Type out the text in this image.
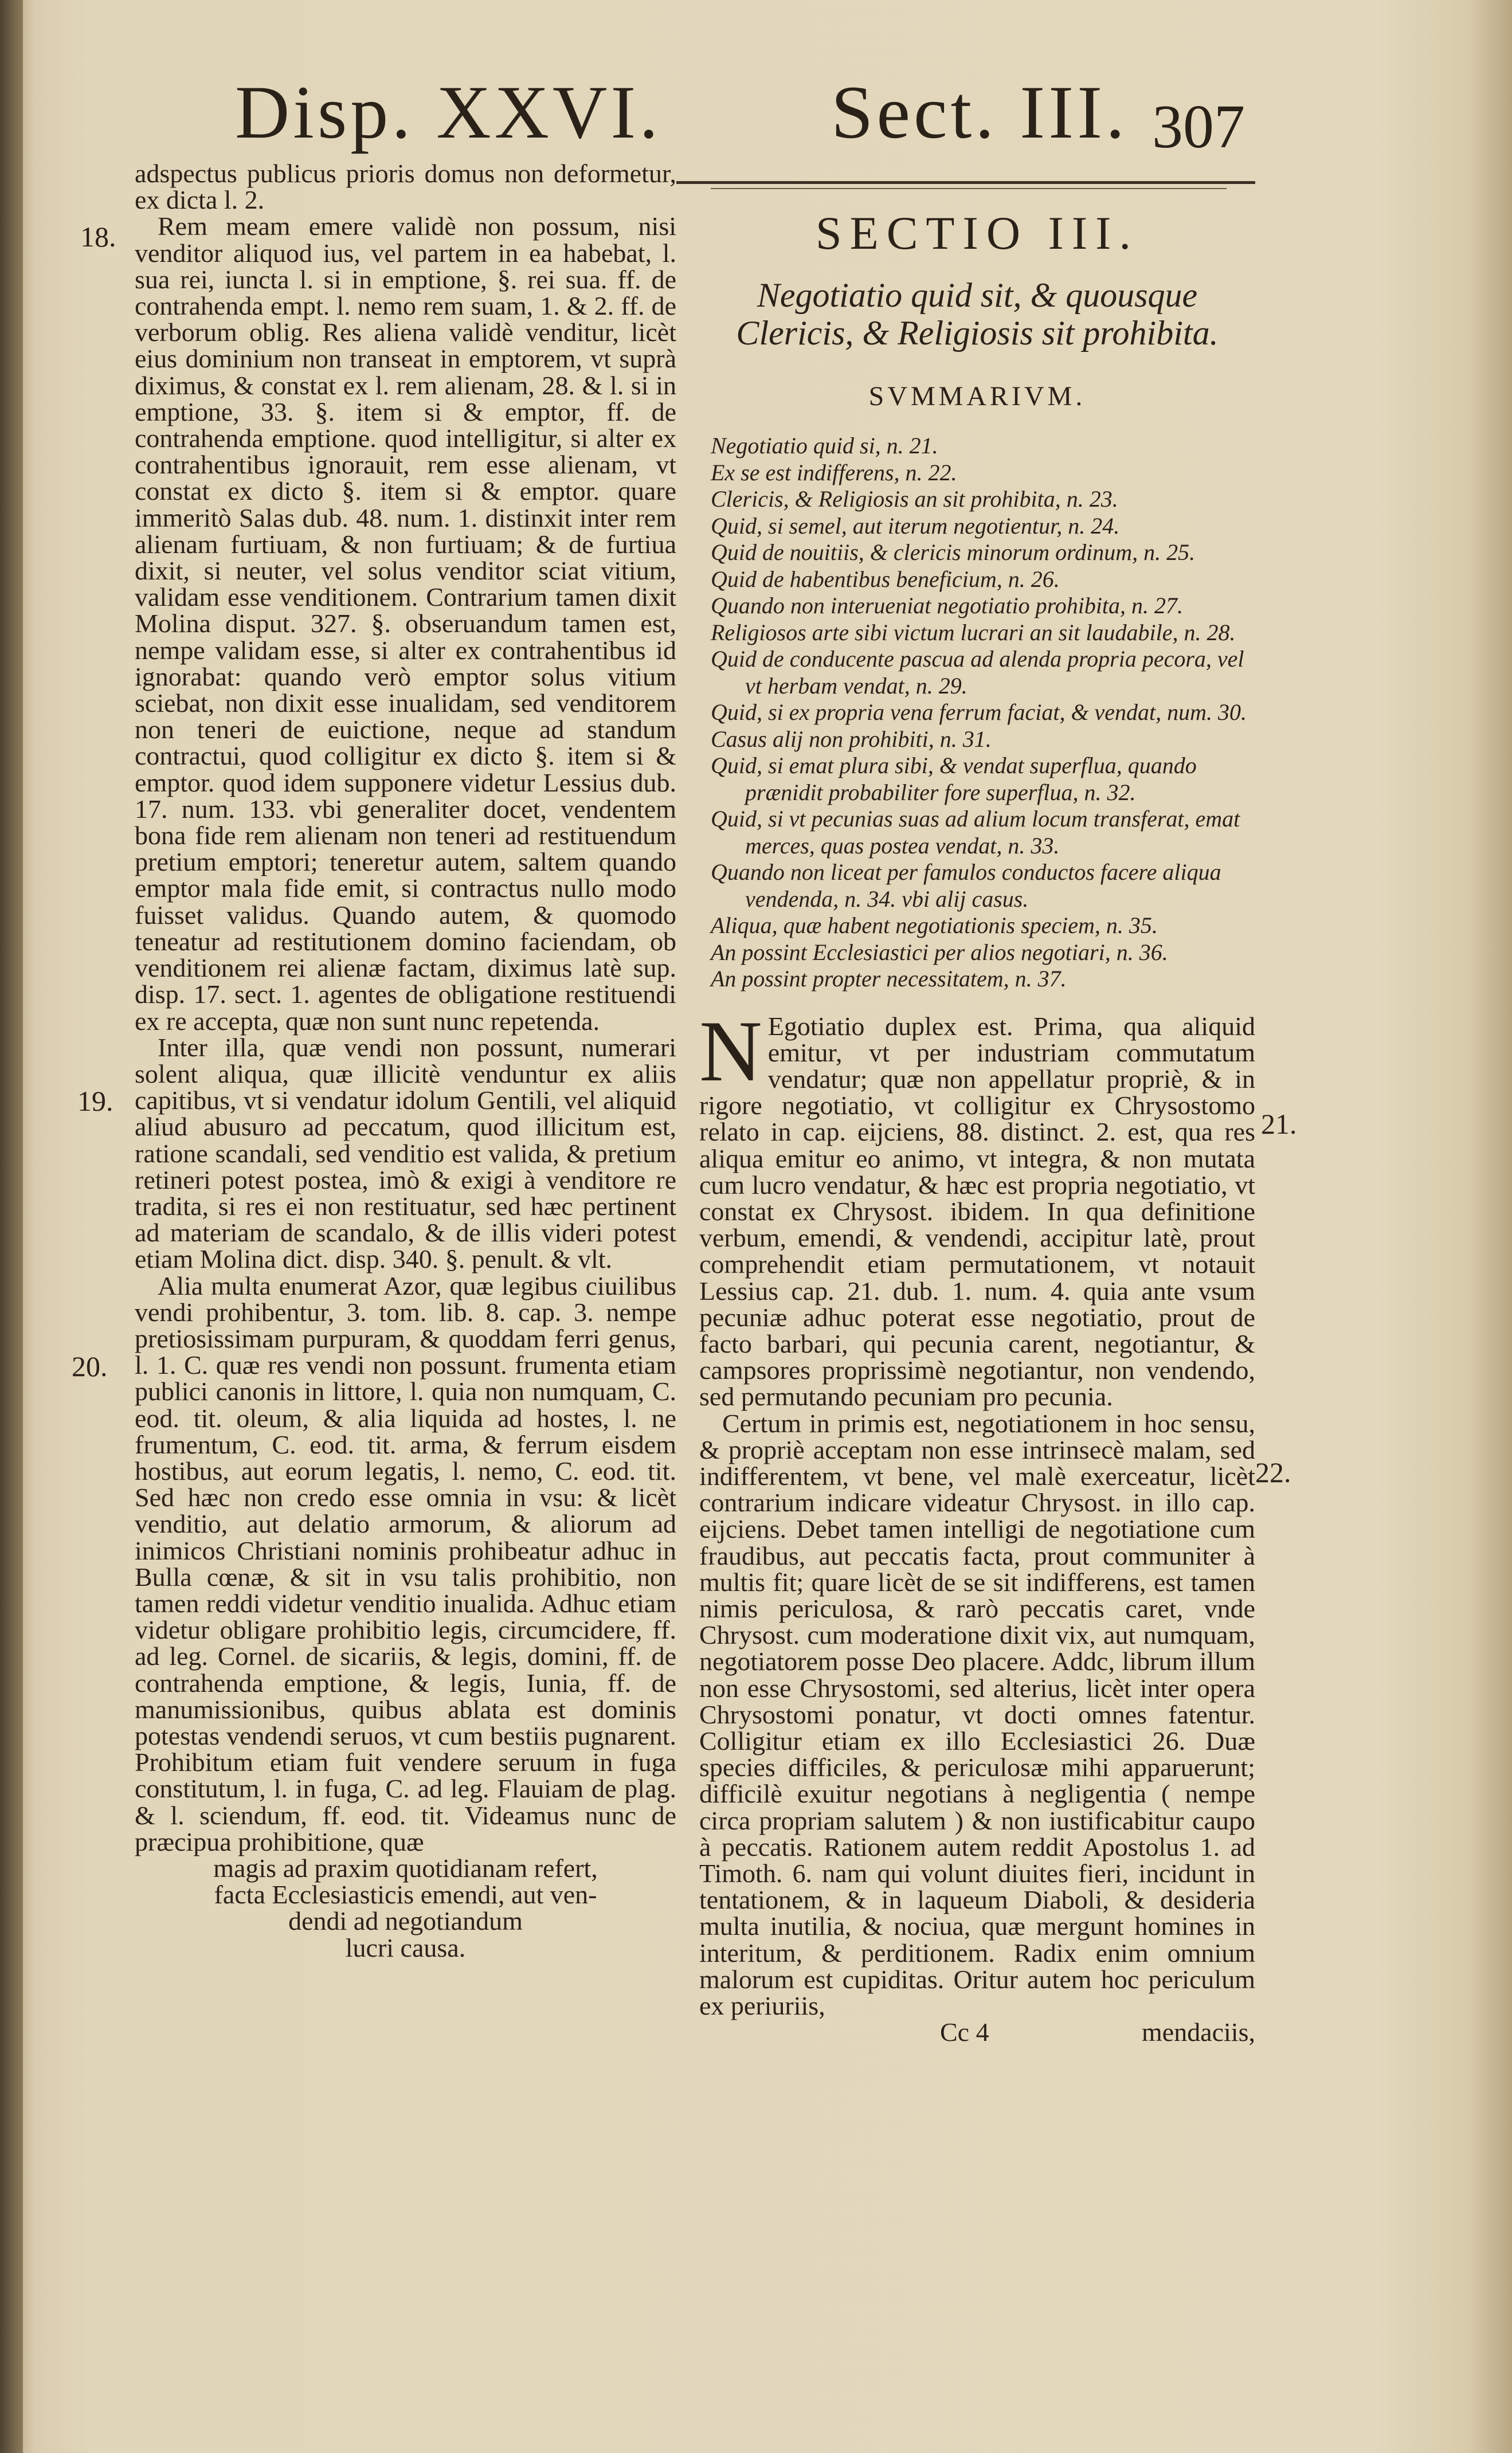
Disp. XXVI. Sect. III. 307
18.
19.
20.
21.
22.

adspectus publicus prioris domus non deformetur, ex dicta l. 2.

Rem meam emere validè non possum, nisi venditor aliquod ius, vel partem in ea habebat, l. sua rei, iuncta l. si in emptione, §. rei sua. ff. de contrahenda empt. l. nemo rem suam, 1. & 2. ff. de verborum oblig. Res aliena validè venditur, licèt eius dominium non transeat in emptorem, vt suprà diximus, & constat ex l. rem alienam, 28. & l. si in emptione, 33. §. item si & emptor, ff. de contrahenda emptione. quod intelligitur, si alter ex contrahentibus ignorauit, rem esse alienam, vt constat ex dicto §. item si & emptor. quare immeritò Salas dub. 48. num. 1. distinxit inter rem alienam furtiuam, & non furtiuam; & de furtiua dixit, si neuter, vel solus venditor sciat vitium, validam esse venditionem. Contrarium tamen dixit Molina disput. 327. §. obseruandum tamen est, nempe validam esse, si alter ex contrahentibus id ignorabat: quando verò emptor solus vitium sciebat, non dixit esse inualidam, sed venditorem non teneri de euictione, neque ad standum contractui, quod colligitur ex dicto §. item si & emptor. quod idem supponere videtur Lessius dub. 17. num. 133. vbi generaliter docet, vendentem bona fide rem alienam non teneri ad restituendum pretium emptori; teneretur autem, saltem quando emptor mala fide emit, si contractus nullo modo fuisset validus. Quando autem, & quomodo teneatur ad restitutionem domino faciendam, ob venditionem rei alienæ factam, diximus latè sup. disp. 17. sect. 1. agentes de obligatione restituendi ex re accepta, quæ non sunt nunc repetenda.

Inter illa, quæ vendi non possunt, numerari solent aliqua, quæ illicitè venduntur ex aliis capitibus, vt si vendatur idolum Gentili, vel aliquid aliud abusuro ad peccatum, quod illicitum est, ratione scandali, sed venditio est valida, & pretium retineri potest postea, imò & exigi à venditore re tradita, si res ei non restituatur, sed hæc pertinent ad materiam de scandalo, & de illis videri potest etiam Molina dict. disp. 340. §. penult. & vlt.

Alia multa enumerat Azor, quæ legibus ciuilibus vendi prohibentur, 3. tom. lib. 8. cap. 3. nempe pretiosissimam purpuram, & quoddam ferri genus, l. 1. C. quæ res vendi non possunt. frumenta etiam publici canonis in littore, l. quia non numquam, C. eod. tit. oleum, & alia liquida ad hostes, l. ne frumentum, C. eod. tit. arma, & ferrum eisdem hostibus, aut eorum legatis, l. nemo, C. eod. tit. Sed hæc non credo esse omnia in vsu: & licèt venditio, aut delatio armorum, & aliorum ad inimicos Christiani nominis prohibeatur adhuc in Bulla cœnæ, & sit in vsu talis prohibitio, non tamen reddi videtur venditio inualida. Adhuc etiam videtur obligare prohibitio legis, circumcidere, ff. ad leg. Cornel. de sicariis, & legis, domini, ff. de contrahenda emptione, & legis, Iunia, ff. de manumissionibus, quibus ablata est dominis potestas vendendi seruos, vt cum bestiis pugnarent. Prohibitum etiam fuit vendere seruum in fuga constitutum, l. in fuga, C. ad leg. Flauiam de plag. & l. sciendum, ff. eod. tit. Videamus nunc de præcipua prohibitione, quæ

magis ad praxim quotidianam refert,
facta Ecclesiasticis emendi, aut ven-
dendi ad negotiandum
lucri causa.
SECTIO III.
Negotiatio quid sit, & quousque Clericis, & Religiosis sit prohibita.
SVMMARIVM.
Negotiatio quid si, n. 21.
Ex se est indifferens, n. 22.
Clericis, & Religiosis an sit prohibita, n. 23.
Quid, si semel, aut iterum negotientur, n. 24.
Quid de nouitiis, & clericis minorum ordinum, n. 25.
Quid de habentibus beneficium, n. 26.
Quando non interueniat negotiatio prohibita, n. 27.
Religiosos arte sibi victum lucrari an sit laudabile, n. 28.
Quid de conducente pascua ad alenda propria pecora, vel vt herbam vendat, n. 29.
Quid, si ex propria vena ferrum faciat, & vendat, num. 30.
Casus alij non prohibiti, n. 31.
Quid, si emat plura sibi, & vendat superflua, quando prænidit probabiliter fore superflua, n. 32.
Quid, si vt pecunias suas ad alium locum transferat, emat merces, quas postea vendat, n. 33.
Quando non liceat per famulos conductos facere aliqua vendenda, n. 34. vbi alij casus.
Aliqua, quæ habent negotiationis speciem, n. 35.
An possint Ecclesiastici per alios negotiari, n. 36.
An possint propter necessitatem, n. 37.

N Egotiatio duplex est. Prima, qua aliquid emitur, vt per industriam commutatum vendatur; quæ non appellatur propriè, & in rigore negotiatio, vt colligitur ex Chrysostomo relato in cap. eijciens, 88. distinct. 2. est, qua res aliqua emitur eo animo, vt integra, & non mutata cum lucro vendatur, & hæc est propria negotiatio, vt constat ex Chrysost. ibidem. In qua definitione verbum, emendi, & vendendi, accipitur latè, prout comprehendit etiam permutationem, vt notauit Lessius cap. 21. dub. 1. num. 4. quia ante vsum pecuniæ adhuc poterat esse negotiatio, prout de facto barbari, qui pecunia carent, negotiantur, & campsores proprissimè negotiantur, non vendendo, sed permutando pecuniam pro pecunia.

Certum in primis est, negotiationem in hoc sensu, & propriè acceptam non esse intrinsecè malam, sed indifferentem, vt bene, vel malè exerceatur, licèt contrarium indicare videatur Chrysost. in illo cap. eijciens. Debet tamen intelligi de negotiatione cum fraudibus, aut peccatis facta, prout communiter à multis fit; quare licèt de se sit indifferens, est tamen nimis periculosa, & rarò peccatis caret, vnde Chrysost. cum moderatione dixit vix, aut numquam, negotiatorem posse Deo placere. Addc, librum illum non esse Chrysostomi, sed alterius, licèt inter opera Chrysostomi ponatur, vt docti omnes fatentur. Colligitur etiam ex illo Ecclesiastici 26. Duæ species difficiles, & periculosæ mihi apparuerunt; difficilè exuitur negotians à negligentia ( nempe circa propriam salutem ) & non iustificabitur caupo à peccatis. Rationem autem reddit Apostolus 1. ad Timoth. 6. nam qui volunt diuites fieri, incidunt in tentationem, & in laqueum Diaboli, & desideria multa inutilia, & nociua, quæ mergunt homines in interitum, & perditionem. Radix enim omnium malorum est cupiditas. Oritur autem hoc periculum ex periuriis,

Cc 4	mendaciis,
